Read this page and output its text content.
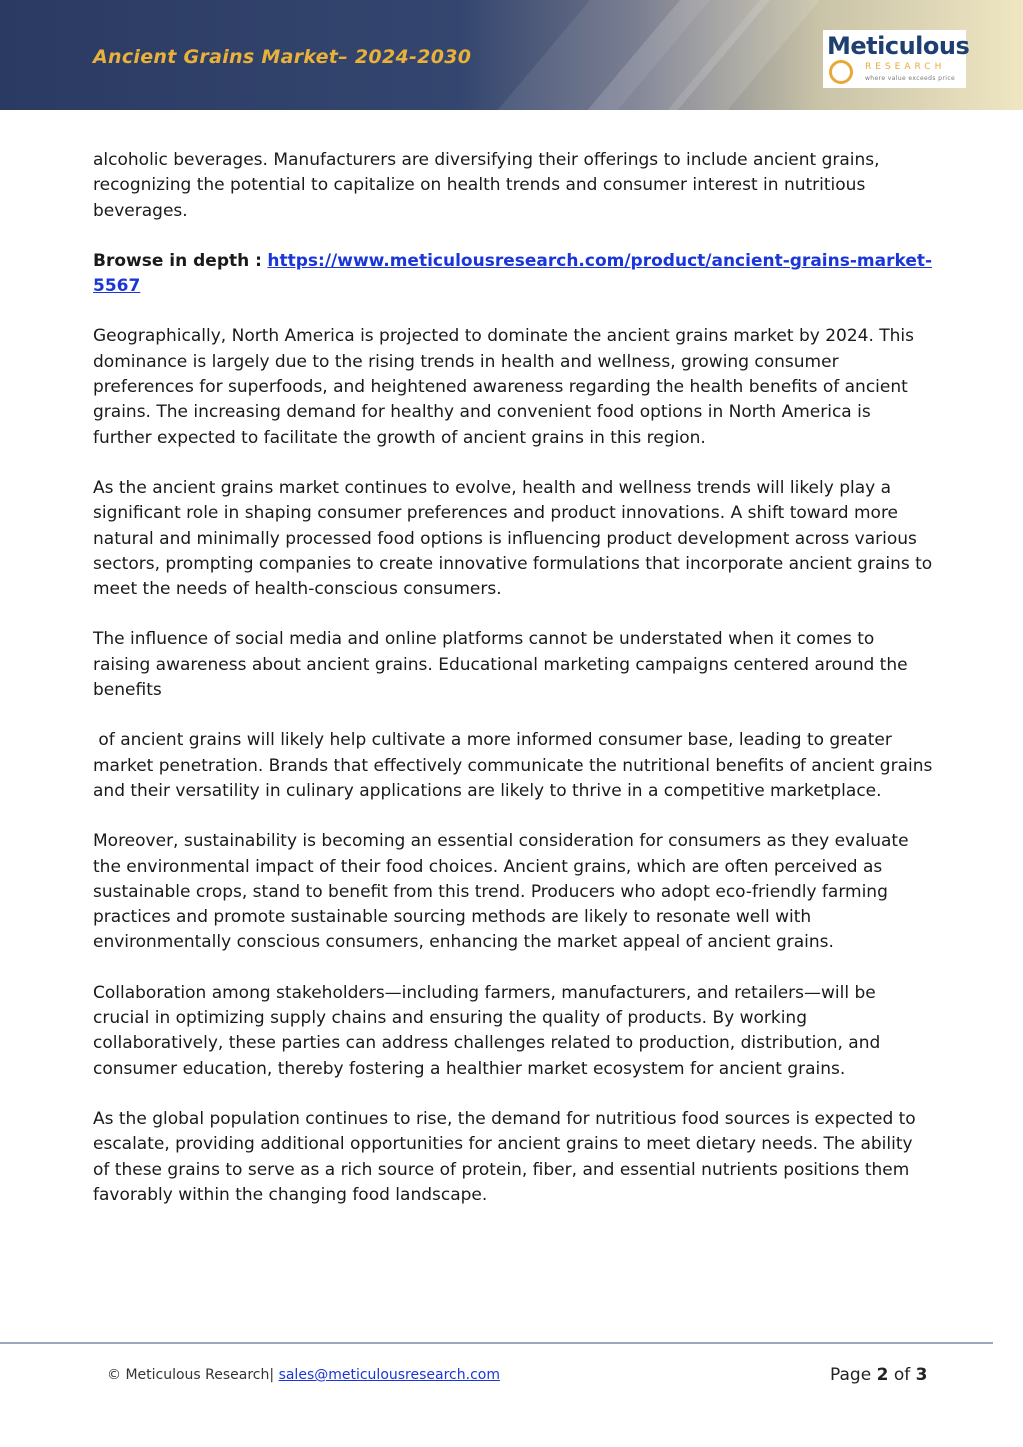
Ancient Grains Market– 2024-2030	Meticulous
RESEARCH
where value exceeds price

alcoholic beverages. Manufacturers are diversifying their offerings to include ancient grains, recognizing the potential to capitalize on health trends and consumer interest in nutritious beverages.

Browse in depth : https://www.meticulousresearch.com/product/ancient-grains-market-5567

Geographically, North America is projected to dominate the ancient grains market by 2024. This dominance is largely due to the rising trends in health and wellness, growing consumer preferences for superfoods, and heightened awareness regarding the health benefits of ancient grains. The increasing demand for healthy and convenient food options in North America is further expected to facilitate the growth of ancient grains in this region.

As the ancient grains market continues to evolve, health and wellness trends will likely play a significant role in shaping consumer preferences and product innovations. A shift toward more natural and minimally processed food options is influencing product development across various sectors, prompting companies to create innovative formulations that incorporate ancient grains to meet the needs of health-conscious consumers.

The influence of social media and online platforms cannot be understated when it comes to raising awareness about ancient grains. Educational marketing campaigns centered around the benefits

of ancient grains will likely help cultivate a more informed consumer base, leading to greater market penetration. Brands that effectively communicate the nutritional benefits of ancient grains and their versatility in culinary applications are likely to thrive in a competitive marketplace.

Moreover, sustainability is becoming an essential consideration for consumers as they evaluate the environmental impact of their food choices. Ancient grains, which are often perceived as sustainable crops, stand to benefit from this trend. Producers who adopt eco-friendly farming practices and promote sustainable sourcing methods are likely to resonate well with environmentally conscious consumers, enhancing the market appeal of ancient grains.

Collaboration among stakeholders—including farmers, manufacturers, and retailers—will be crucial in optimizing supply chains and ensuring the quality of products. By working collaboratively, these parties can address challenges related to production, distribution, and consumer education, thereby fostering a healthier market ecosystem for ancient grains.

As the global population continues to rise, the demand for nutritious food sources is expected to escalate, providing additional opportunities for ancient grains to meet dietary needs. The ability of these grains to serve as a rich source of protein, fiber, and essential nutrients positions them favorably within the changing food landscape.

© Meticulous Research| sales@meticulousresearch.com	Page 2 of 3
